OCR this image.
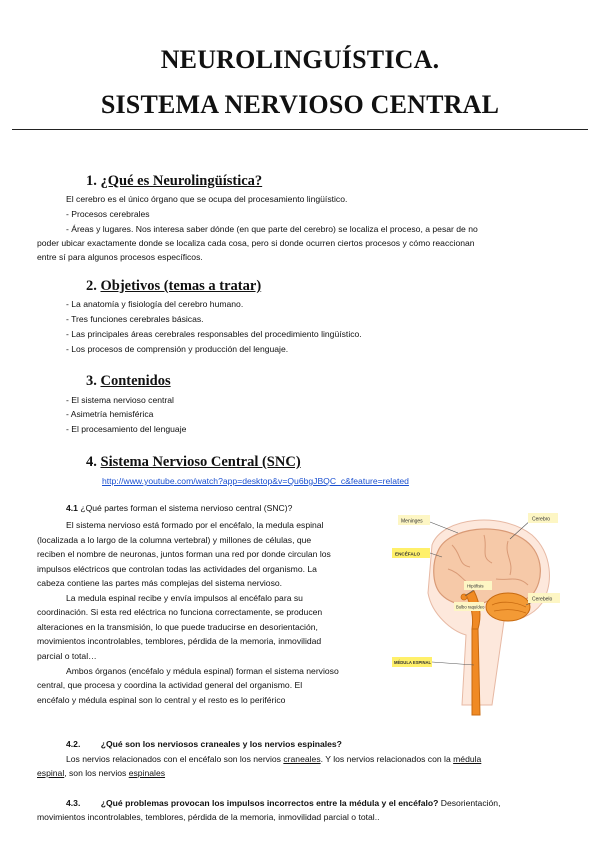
NEUROLINGUÍSTICA.
SISTEMA NERVIOSO CENTRAL
1. ¿Qué es Neurolingüística?
El cerebro es el único órgano que se ocupa del procesamiento lingüístico.
- Procesos cerebrales
- Áreas y lugares. Nos interesa saber dónde (en que parte del cerebro) se localiza el proceso, a pesar de no
poder ubicar exactamente donde se localiza cada cosa, pero si donde ocurren ciertos procesos y cómo reaccionan
entre sí para algunos procesos específicos.
2. Objetivos (temas a tratar)
- La anatomía y fisiología del cerebro humano.
- Tres funciones cerebrales básicas.
- Las principales áreas cerebrales responsables del procedimiento lingüístico.
- Los procesos de comprensión y producción del lenguaje.
3. Contenidos
- El sistema nervioso central
- Asimetría hemisférica
- El procesamiento del lenguaje
4. Sistema Nervioso Central (SNC)
http://www.youtube.com/watch?app=desktop&v=Qu6bgJBQC_c&feature=related
4.1 ¿Qué partes forman el sistema nervioso central (SNC)?
El sistema nervioso está formado por el encéfalo, la medula espinal
(localizada a lo largo de la columna vertebral) y millones de células, que
reciben el nombre de neuronas, juntos forman una red por donde circulan los
impulsos eléctricos que controlan todas las actividades del organismo. La
cabeza contiene las partes más complejas del sistema nervioso.
La medula espinal recibe y envía impulsos al encéfalo para su
coordinación. Si esta red eléctrica no funciona correctamente, se producen
alteraciones en la transmisión, lo que puede traducirse en desorientación,
movimientos incontrolables, temblores, pérdida de la memoria, inmovilidad
parcial o total…
Ambos órganos (encéfalo y médula espinal) forman el sistema nervioso
central, que procesa y coordina la actividad general del organismo. El
encéfalo y médula espinal son lo central y el resto es lo periférico
Meninges	Cerebro
ENCÉFALO
Hipófisis
Bulbo raquídeo
Cerebelo
MÉDULA ESPINAL
4.2. ¿Qué son los nerviosos craneales y los nervios espinales?
Los nervios relacionados con el encéfalo son los nervios craneales. Y los nervios relacionados con la médula
espinal, son los nervios espinales
4.3. ¿Qué problemas provocan los impulsos incorrectos entre la médula y el encéfalo? Desorientación,
movimientos incontrolables, temblores, pérdida de la memoria, inmovilidad parcial o total..
